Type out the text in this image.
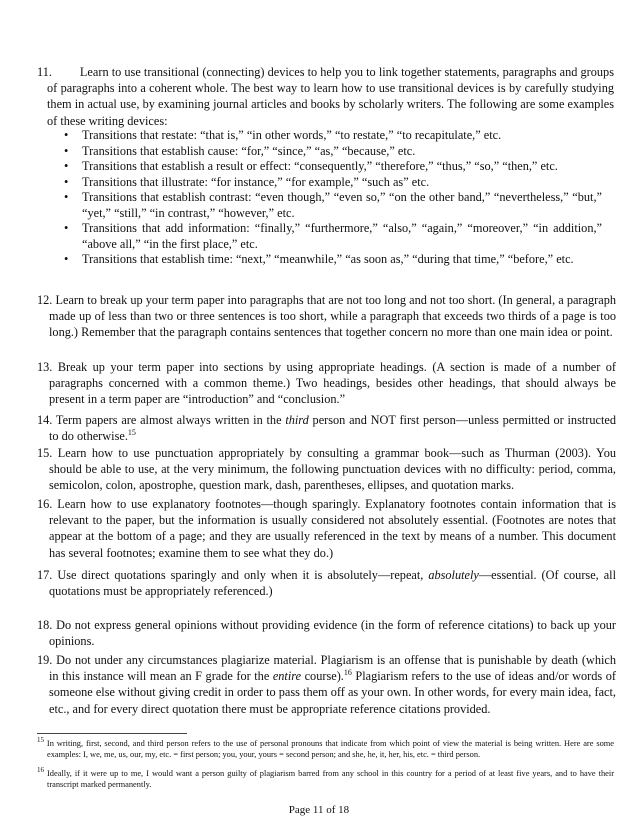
11. Learn to use transitional (connecting) devices to help you to link together statements, paragraphs and groups of paragraphs into a coherent whole. The best way to learn how to use transitional devices is by carefully studying them in actual use, by examining journal articles and books by scholarly writers. The following are some examples of these writing devices:

• Transitions that restate: “that is,” “in other words,” “to restate,” “to recapitulate,” etc.
• Transitions that establish cause: “for,” “since,” “as,” “because,” etc.
• Transitions that establish a result or effect: “consequently,” “therefore,” “thus,” “so,” “then,” etc.
• Transitions that illustrate: “for instance,” “for example,” “such as” etc.
• Transitions that establish contrast: “even though,” “even so,” “on the other band,” “nevertheless,” “but,” “yet,” “still,” “in contrast,” “however,” etc.
• Transitions that add information: “finally,” “furthermore,” “also,” “again,” “moreover,” “in addition,” “above all,” “in the first place,” etc.
• Transitions that establish time: “next,” “meanwhile,” “as soon as,” “during that time,” “before,” etc.

12. Learn to break up your term paper into paragraphs that are not too long and not too short. (In general, a paragraph made up of less than two or three sentences is too short, while a paragraph that exceeds two thirds of a page is too long.) Remember that the paragraph contains sentences that together concern no more than one main idea or point.

13. Break up your term paper into sections by using appropriate headings. (A section is made of a number of paragraphs concerned with a common theme.) Two headings, besides other headings, that should always be present in a term paper are “introduction” and “conclusion.”

14. Term papers are almost always written in the third person and NOT first person—unless permitted or instructed to do otherwise.$^{15}$

15. Learn how to use punctuation appropriately by consulting a grammar book—such as Thurman (2003). You should be able to use, at the very minimum, the following punctuation devices with no difficulty: period, comma, semicolon, colon, apostrophe, question mark, dash, parentheses, ellipses, and quotation marks.

16. Learn how to use explanatory footnotes—though sparingly. Explanatory footnotes contain information that is relevant to the paper, but the information is usually considered not absolutely essential. (Footnotes are notes that appear at the bottom of a page; and they are usually referenced in the text by means of a number. This document has several footnotes; examine them to see what they do.)

17. Use direct quotations sparingly and only when it is absolutely—repeat, absolutely—essential. (Of course, all quotations must be appropriately referenced.)

18. Do not express general opinions without providing evidence (in the form of reference citations) to back up your opinions.

19. Do not under any circumstances plagiarize material. Plagiarism is an offense that is punishable by death (which in this instance will mean an F grade for the entire course).$^{16}$ Plagiarism refers to the use of ideas and/or words of someone else without giving credit in order to pass them off as your own. In other words, for every main idea, fact, etc., and for every direct quotation there must be appropriate reference citations provided.

$^{15}$ In writing, first, second, and third person refers to the use of personal pronouns that indicate from which point of view the material is being written. Here are some examples: I, we, me, us, our, my, etc. = first person; you, your, yours = second person; and she, he, it, her, his, etc. = third person.

$^{16}$ Ideally, if it were up to me, I would want a person guilty of plagiarism barred from any school in this country for a period of at least five years, and to have their transcript marked permanently.

Page 11 of 18
